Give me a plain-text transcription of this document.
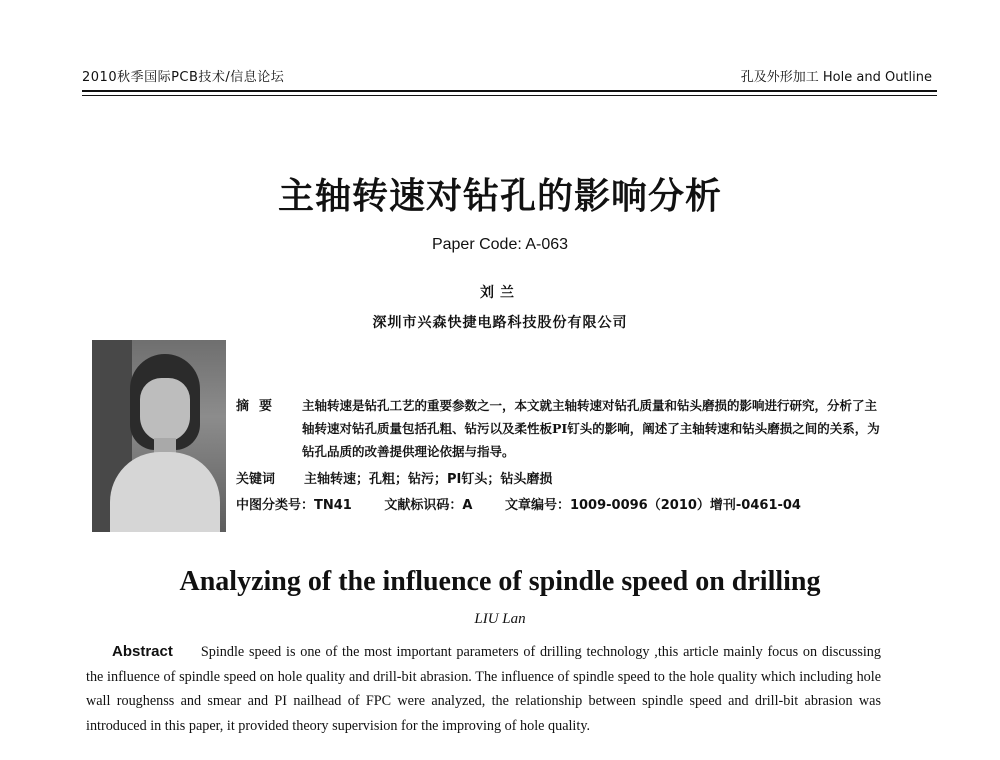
2010秋季国际PCB技术/信息论坛	孔及外形加工 Hole and Outline
主轴转速对钻孔的影响分析
Paper Code: A-063
刘兰
深圳市兴森快捷电路科技股份有限公司
摘要 主轴转速是钻孔工艺的重要参数之一，本文就主轴转速对钻孔质量和钻头磨损的影响进行研究，分析了主轴转速对钻孔质量包括孔粗、钻污以及柔性板PI钉头的影响，阐述了主轴转速和钻头磨损之间的关系，为钻孔品质的改善提供理论依据与指导。
关键词 主轴转速；孔粗；钻污；PI钉头；钻头磨损
中图分类号：TN41	文献标识码：A	文章编号：1009-0096（2010）增刊-0461-04
Analyzing of the influence of spindle speed on drilling
LIU Lan
Abstract Spindle speed is one of the most important parameters of drilling technology ,this article mainly focus on discussing the influence of spindle speed on hole quality and drill-bit abrasion. The influence of spindle speed to the hole quality which including hole wall roughenss and smear and PI nailhead of FPC were analyzed, the relationship between spindle speed and drill-bit abrasion was introduced in this paper, it provided theory supervision for the improving of hole quality.
